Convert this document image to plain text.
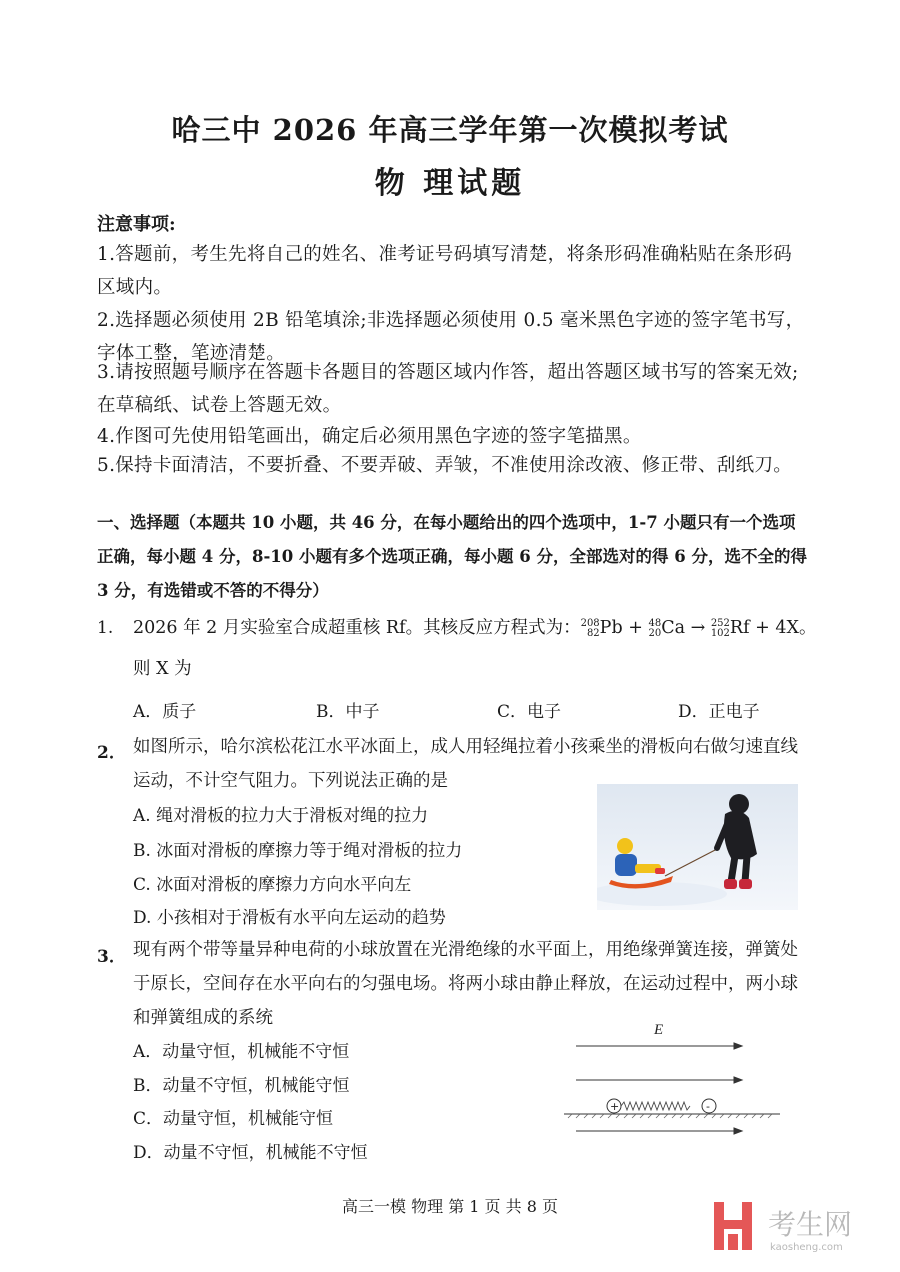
哈三中 2026 年高三学年第一次模拟考试
物 理试题
注意事项:
1.答题前，考生先将自己的姓名、准考证号码填写清楚，将条形码准确粘贴在条形码区域内。
2.选择题必须使用 2B 铅笔填涂;非选择题必须使用 0.5 毫米黑色字迹的签字笔书写，字体工整，笔迹清楚。
3.请按照题号顺序在答题卡各题目的答题区域内作答，超出答题区域书写的答案无效;在草稿纸、试卷上答题无效。
4.作图可先使用铅笔画出，确定后必须用黑色字迹的签字笔描黑。
5.保持卡面清洁，不要折叠、不要弄破、弄皱，不准使用涂改液、修正带、刮纸刀。
一、选择题（本题共 10 小题，共 46 分，在每小题给出的四个选项中，1-7 小题只有一个选项正确，每小题 4 分，8-10 小题有多个选项正确，每小题 6 分，全部选对的得 6 分，选不全的得 3 分，有选错或不答的不得分）
1. 2026 年 2 月实验室合成超重核 Rf。其核反应方程式为： 208
82 Pb + 48
20 Ca → 252
102 Rf + 4X。
则 X 为
A．质子	B．中子	C．电子	D．正电子
2． 如图所示，哈尔滨松花江水平冰面上，成人用轻绳拉着小孩乘坐的滑板向右做匀速直线运动，不计空气阻力。下列说法正确的是
A. 绳对滑板的拉力大于滑板对绳的拉力
B. 冰面对滑板的摩擦力等于绳对滑板的拉力
C. 冰面对滑板的摩擦力方向水平向左
D. 小孩相对于滑板有水平向左运动的趋势
3． 现有两个带等量异种电荷的小球放置在光滑绝缘的水平面上，用绝缘弹簧连接，弹簧处于原长，空间存在水平向右的匀强电场。将两小球由静止释放，在运动过程中，两小球和弹簧组成的系统
A．动量守恒，机械能不守恒
B．动量不守恒，机械能守恒
C．动量守恒，机械能守恒
D．动量不守恒，机械能不守恒
E
+	-
高三一模 物理 第 1 页 共 8 页
考生网
kaosheng.com
